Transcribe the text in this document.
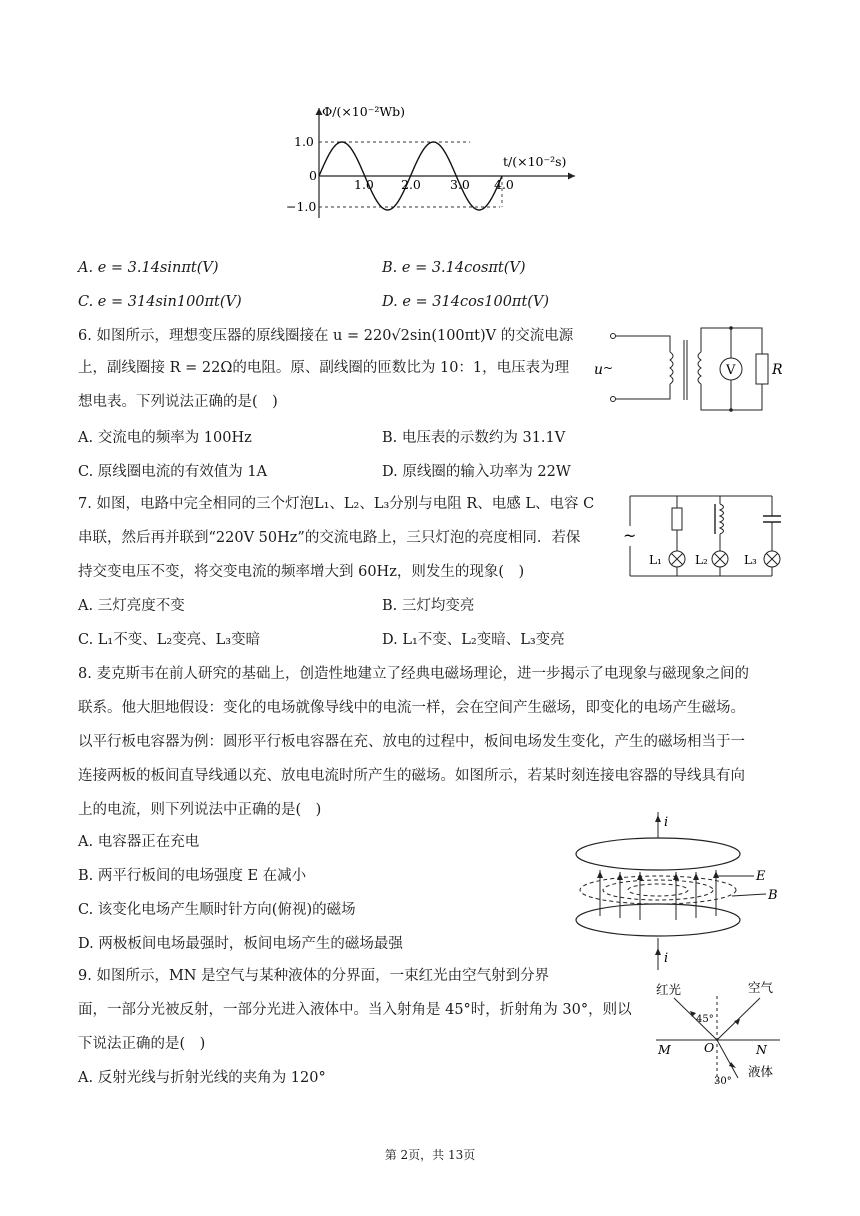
Φ/(×10⁻²Wb)
t/(×10⁻²s)
1.0
−1.0
0
1.0 2.0 3.0 4.0
A. e = 3.14sinπt(V)	B. e = 3.14cosπt(V)
C. e = 314sin100πt(V)	D. e = 314cos100πt(V)
6. 如图所示，理想变压器的原线圈接在 u = 220√2sin(100πt)V 的交流电源
上，副线圈接 R = 22Ω的电阻。原、副线圈的匝数比为 10：1，电压表为理
想电表。下列说法正确的是(　)
A. 交流电的频率为 100Hz	B. 电压表的示数约为 31.1V
C. 原线圈电流的有效值为 1A	D. 原线圈的输入功率为 22W
V	R
u ~
7. 如图，电路中完全相同的三个灯泡L₁、L₂、L₃分别与电阻 R、电感 L、电容 C
串联，然后再并联到“220V 50Hz”的交流电路上，三只灯泡的亮度相同．若保
持交变电压不变，将交变电流的频率增大到 60Hz，则发生的现象(　)
A. 三灯亮度不变	B. 三灯均变亮
C. L₁不变、L₂变亮、L₃变暗	D. L₁不变、L₂变暗、L₃变亮
~
L₁	L₂	L₃
8. 麦克斯韦在前人研究的基础上，创造性地建立了经典电磁场理论，进一步揭示了电现象与磁现象之间的
联系。他大胆地假设：变化的电场就像导线中的电流一样，会在空间产生磁场，即变化的电场产生磁场。
以平行板电容器为例：圆形平行板电容器在充、放电的过程中，板间电场发生变化，产生的磁场相当于一
连接两板的板间直导线通以充、放电电流时所产生的磁场。如图所示，若某时刻连接电容器的导线具有向
上的电流，则下列说法中正确的是(　)
A. 电容器正在充电
B. 两平行板间的电场强度 E 在减小
C. 该变化电场产生顺时针方向(俯视)的磁场
D. 两极板间电场最强时，板间电场产生的磁场最强
i
i
E
B
9. 如图所示，MN 是空气与某种液体的分界面，一束红光由空气射到分界
面，一部分光被反射，一部分光进入液体中。当入射角是 45°时，折射角为 30°，则以
下说法正确的是(　)
A. 反射光线与折射光线的夹角为 120°
红光	空气
液体
M	N
O
45°
30°
第 2页，共 13页
